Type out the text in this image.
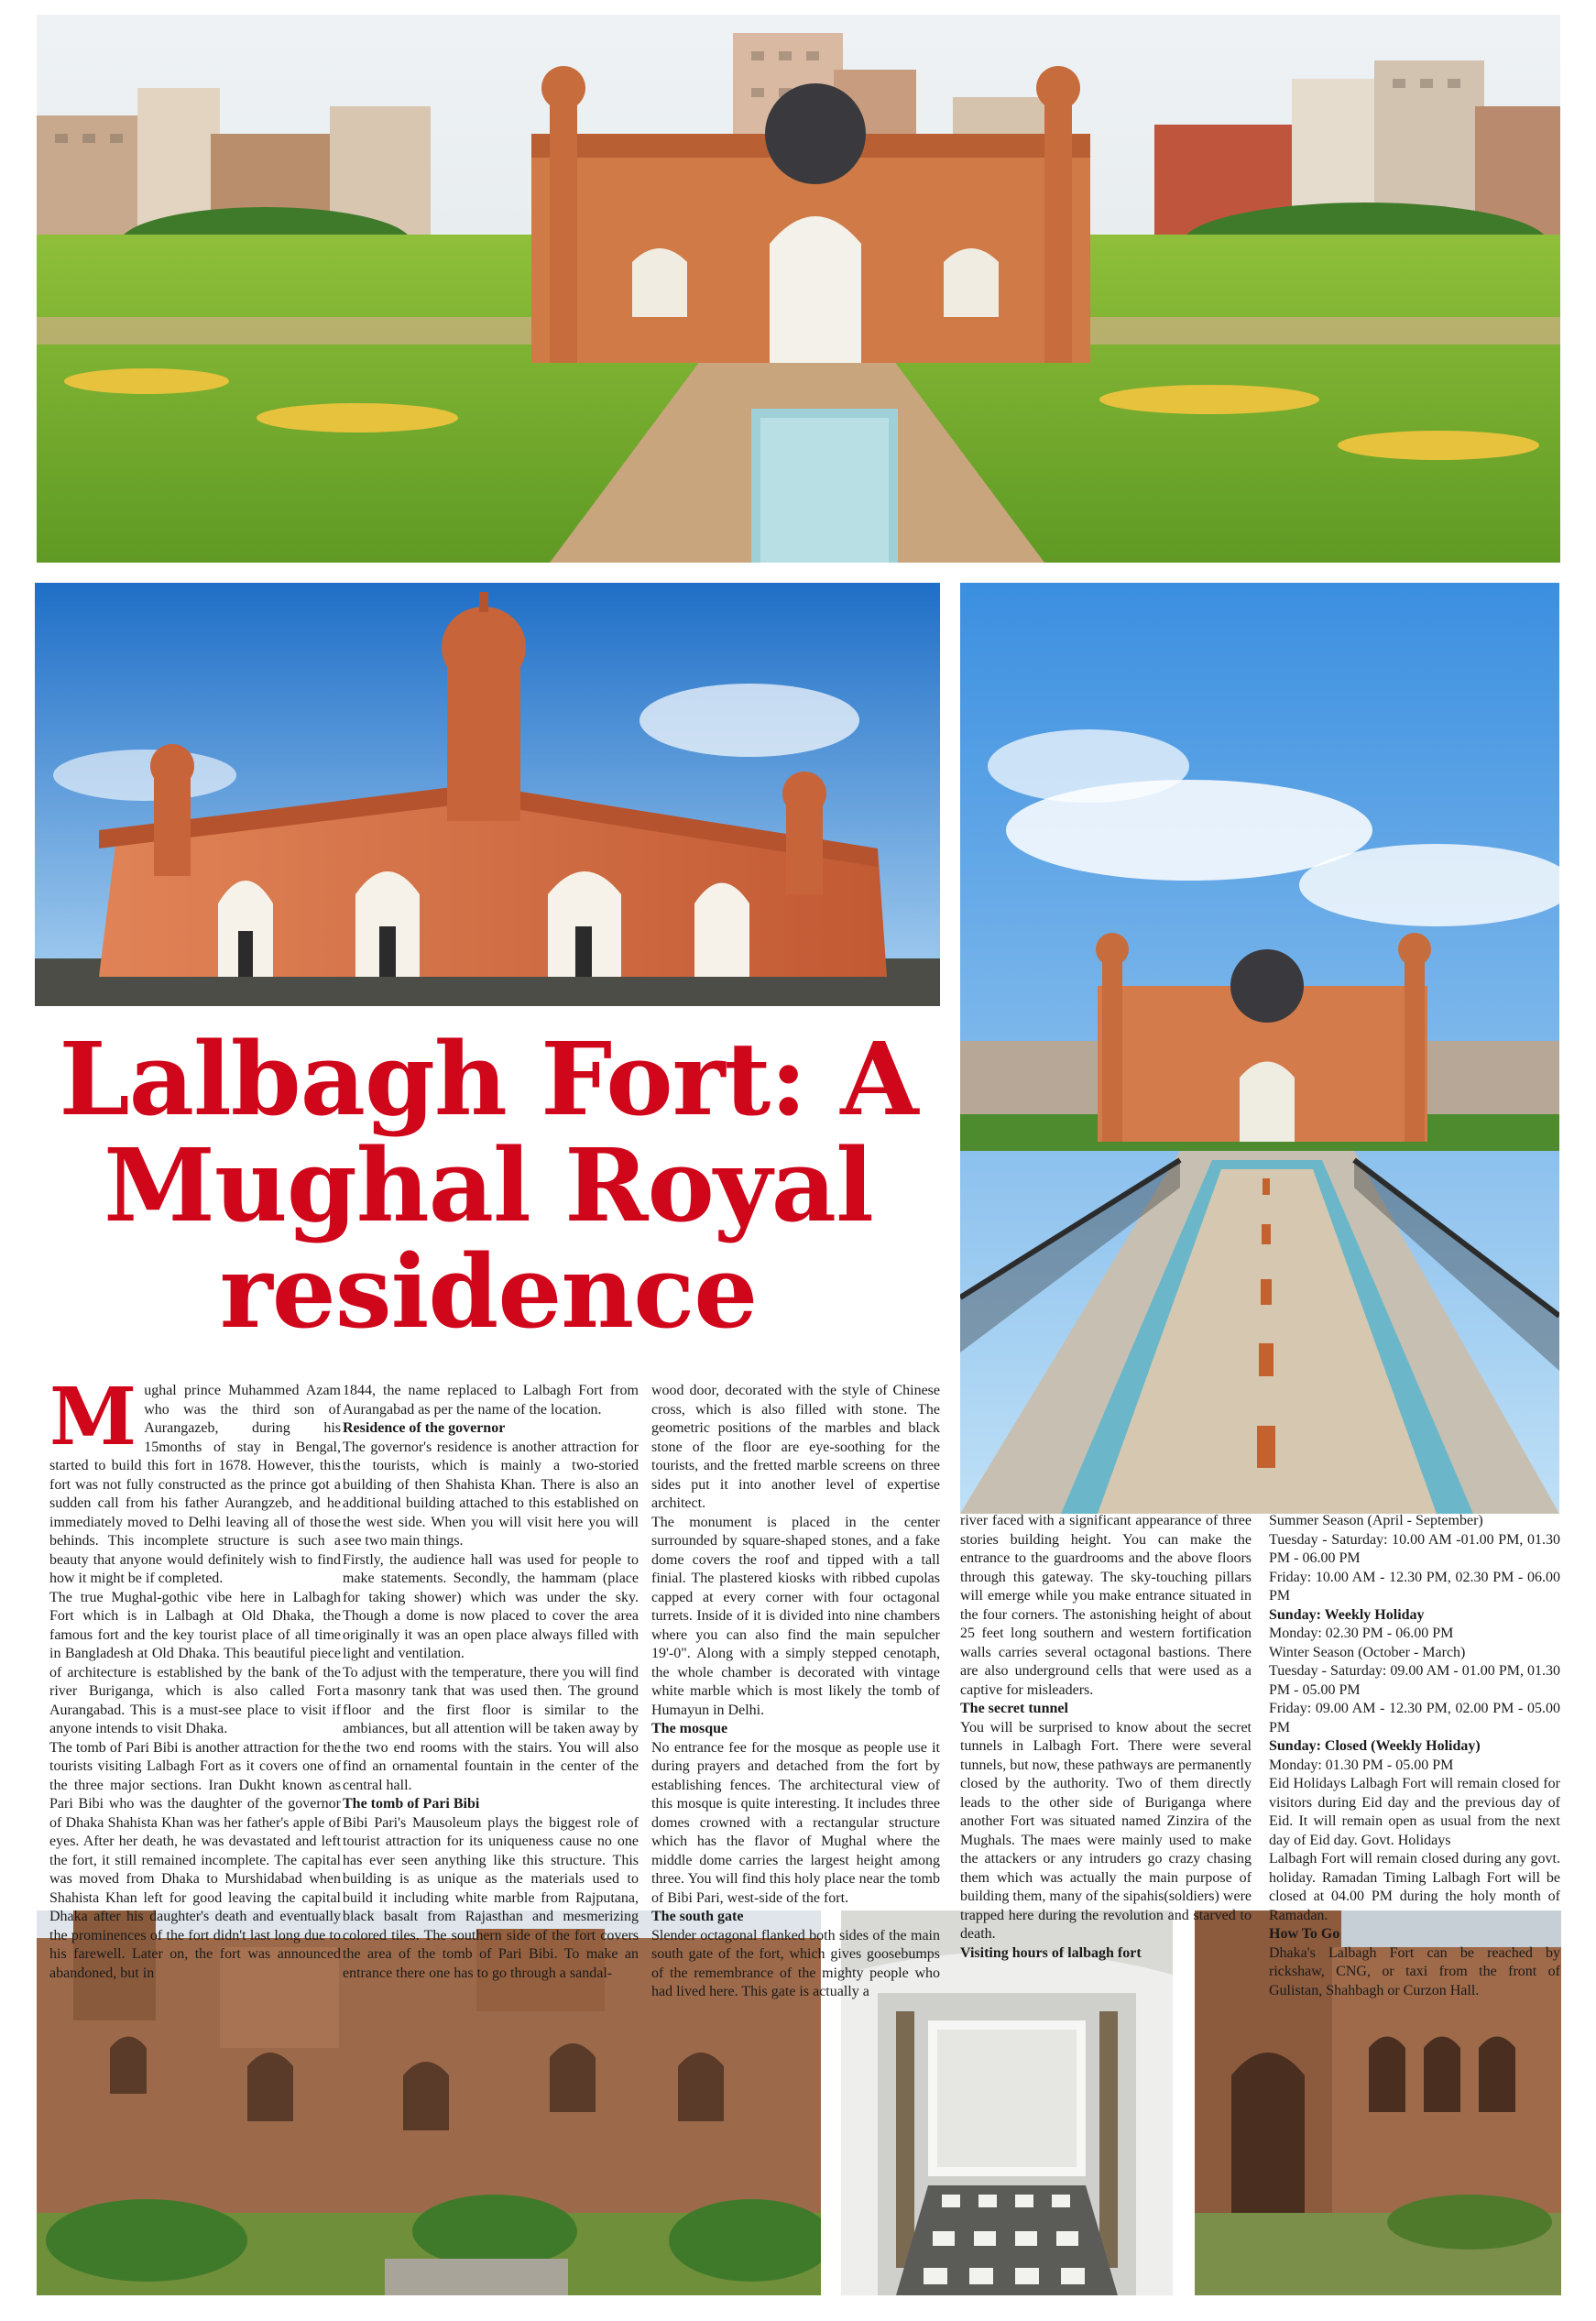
Lalbagh Fort: A Mughal Royal residence
M ughal prince Muhammed Azam who was the third son of Aurangazeb, during his 15months of stay in Bengal, started to build this fort in 1678. However, this fort was not fully constructed as the prince got a sudden call from his father Aurangzeb, and he immediately moved to Delhi leaving all of those behinds. This incomplete structure is such a beauty that anyone would definitely wish to find how it might be if completed.

The true Mughal-gothic vibe here in Lalbagh Fort which is in Lalbagh at Old Dhaka, the famous fort and the key tourist place of all time in Bangladesh at Old Dhaka. This beautiful piece of architecture is established by the bank of the river Buriganga, which is also called Fort Aurangabad. This is a must-see place to visit if anyone intends to visit Dhaka.

The tomb of Pari Bibi is another attraction for the tourists visiting Lalbagh Fort as it covers one of the three major sections. Iran Dukht known as Pari Bibi who was the daughter of the governor of Dhaka Shahista Khan was her father's apple of eyes. After her death, he was devastated and left the fort, it still remained incomplete. The capital was moved from Dhaka to Murshidabad when Shahista Khan left for good leaving the capital Dhaka after his daughter's death and eventually the prominences of the fort didn't last long due to his farewell. Later on, the fort was announced abandoned, but in

1844, the name replaced to Lalbagh Fort from Aurangabad as per the name of the location.

Residence of the governor

The governor's residence is another attraction for the tourists, which is mainly a two-storied building of then Shahista Khan. There is also an additional building attached to this established on the west side. When you will visit here you will see two main things.

Firstly, the audience hall was used for people to make statements. Secondly, the hammam (place for taking shower) which was under the sky. Though a dome is now placed to cover the area originally it was an open place always filled with light and ventilation.

To adjust with the temperature, there you will find a masonry tank that was used then. The ground floor and the first floor is similar to the ambiances, but all attention will be taken away by the two end rooms with the stairs. You will also find an ornamental fountain in the center of the central hall.

The tomb of Pari Bibi

Bibi Pari's Mausoleum plays the biggest role of tourist attraction for its uniqueness cause no one has ever seen anything like this structure. This building is as unique as the materials used to build it including white marble from Rajputana, black basalt from Rajasthan and mesmerizing colored tiles. The southern side of the fort covers the area of the tomb of Pari Bibi. To make an entrance there one has to go through a sandal-

wood door, decorated with the style of Chinese cross, which is also filled with stone. The geometric positions of the marbles and black stone of the floor are eye-soothing for the tourists, and the fretted marble screens on three sides put it into another level of expertise architect.

The monument is placed in the center surrounded by square-shaped stones, and a fake dome covers the roof and tipped with a tall finial. The plastered kiosks with ribbed cupolas capped at every corner with four octagonal turrets. Inside of it is divided into nine chambers where you can also find the main sepulcher 19'-0". Along with a simply stepped cenotaph, the whole chamber is decorated with vintage white marble which is most likely the tomb of Humayun in Delhi.

The mosque

No entrance fee for the mosque as people use it during prayers and detached from the fort by establishing fences. The architectural view of this mosque is quite interesting. It includes three domes crowned with a rectangular structure which has the flavor of Mughal where the middle dome carries the largest height among three. You will find this holy place near the tomb of Bibi Pari, west-side of the fort.

The south gate

Slender octagonal flanked both sides of the main south gate of the fort, which gives goosebumps of the remembrance of the mighty people who had lived here. This gate is actually a

river faced with a significant appearance of three stories building height. You can make the entrance to the guardrooms and the above floors through this gateway. The sky-touching pillars will emerge while you make entrance situated in the four corners. The astonishing height of about 25 feet long southern and western fortification walls carries several octagonal bastions. There are also underground cells that were used as a captive for misleaders.

The secret tunnel

You will be surprised to know about the secret tunnels in Lalbagh Fort. There were several tunnels, but now, these pathways are permanently closed by the authority. Two of them directly leads to the other side of Buriganga where another Fort was situated named Zinzira of the Mughals. The maes were mainly used to make the attackers or any intruders go crazy chasing them which was actually the main purpose of building them, many of the sipahis(soldiers) were trapped here during the revolution and starved to death.

Visiting hours of lalbagh fort

Summer Season (April - September)

Tuesday - Saturday: 10.00 AM -01.00 PM, 01.30 PM - 06.00 PM

Friday: 10.00 AM - 12.30 PM, 02.30 PM - 06.00 PM

Sunday: Weekly Holiday

Monday: 02.30 PM - 06.00 PM

Winter Season (October - March)

Tuesday - Saturday: 09.00 AM - 01.00 PM, 01.30 PM - 05.00 PM

Friday: 09.00 AM - 12.30 PM, 02.00 PM - 05.00 PM

Sunday: Closed (Weekly Holiday)

Monday: 01.30 PM - 05.00 PM

Eid Holidays Lalbagh Fort will remain closed for visitors during Eid day and the previous day of Eid. It will remain open as usual from the next day of Eid day. Govt. Holidays

Lalbagh Fort will remain closed during any govt. holiday. Ramadan Timing Lalbagh Fort will be closed at 04.00 PM during the holy month of Ramadan.

How To Go

Dhaka's Lalbagh Fort can be reached by rickshaw, CNG, or taxi from the front of Gulistan, Shahbagh or Curzon Hall.
